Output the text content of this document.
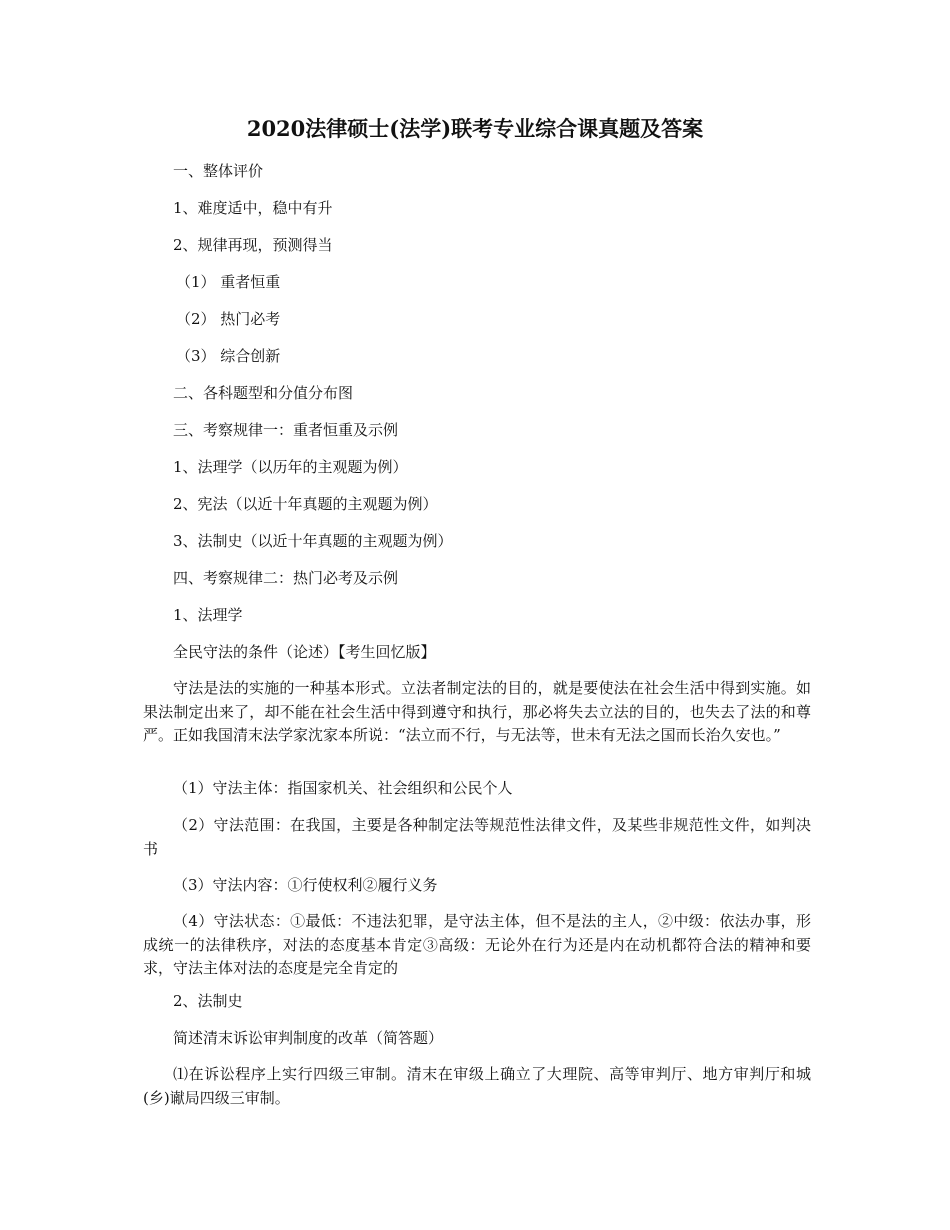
2020法律硕士(法学)联考专业综合课真题及答案
一、整体评价
1、难度适中，稳中有升
2、规律再现，预测得当
（1） 重者恒重
（2） 热门必考
（3） 综合创新
二、各科题型和分值分布图
三、考察规律一：重者恒重及示例
1、法理学（以历年的主观题为例）
2、宪法（以近十年真题的主观题为例）
3、法制史（以近十年真题的主观题为例）
四、考察规律二：热门必考及示例
1、法理学
全民守法的条件（论述）【考生回忆版】
守法是法的实施的一种基本形式。立法者制定法的目的，就是要使法在社会生活中得到实施。如果法制定出来了，却不能在社会生活中得到遵守和执行，那必将失去立法的目的，也失去了法的和尊严。正如我国清末法学家沈家本所说：“法立而不行，与无法等，世未有无法之国而长治久安也。”
（1）守法主体：指国家机关、社会组织和公民个人
（2）守法范围：在我国，主要是各种制定法等规范性法律文件，及某些非规范性文件，如判决书
（3）守法内容：①行使权利②履行义务
（4）守法状态：①最低：不违法犯罪，是守法主体，但不是法的主人，②中级：依法办事，形成统一的法律秩序，对法的态度基本肯定③高级：无论外在行为还是内在动机都符合法的精神和要求，守法主体对法的态度是完全肯定的
2、法制史
简述清末诉讼审判制度的改革（简答题）
⑴在诉讼程序上实行四级三审制。清末在审级上确立了大理院、高等审判厅、地方审判厅和城(乡)谳局四级三审制。
